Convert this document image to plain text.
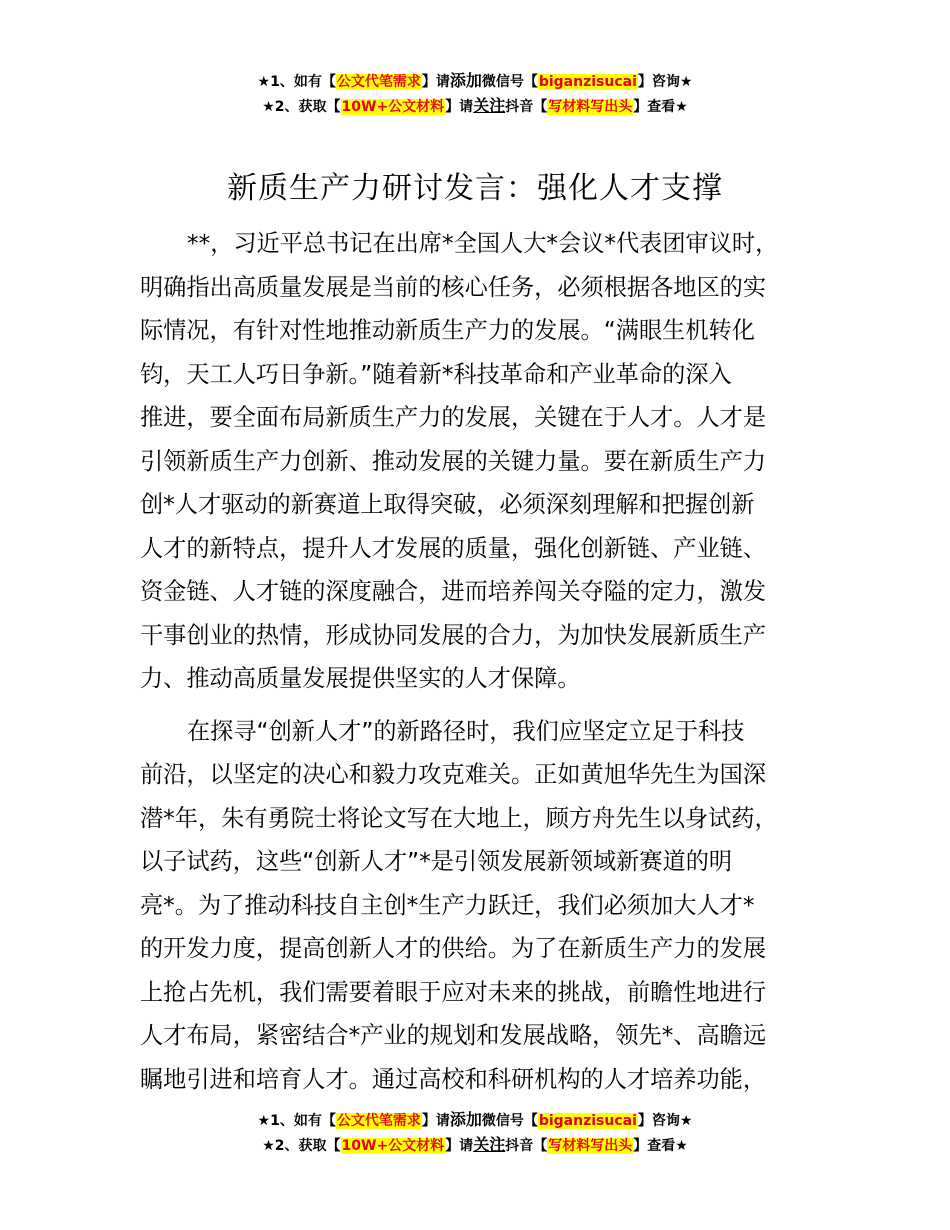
★1、如有【公文代笔需求】请添加微信号【biganzisucai】咨询★
★2、获取【10W+公文材料】请关注抖音【写材料写出头】查看★
新质生产力研讨发言：强化人才支撑
**，习近平总书记在出席*全国人大*会议*代表团审议时，
明确指出高质量发展是当前的核心任务，必须根据各地区的实
际情况，有针对性地推动新质生产力的发展。“满眼生机转化
钧，天工人巧日争新。”随着新*科技革命和产业革命的深入
推进，要全面布局新质生产力的发展，关键在于人才。人才是
引领新质生产力创新、推动发展的关键力量。要在新质生产力
创*人才驱动的新赛道上取得突破，必须深刻理解和把握创新
人才的新特点，提升人才发展的质量，强化创新链、产业链、
资金链、人才链的深度融合，进而培养闯关夺隘的定力，激发
干事创业的热情，形成协同发展的合力，为加快发展新质生产
力、推动高质量发展提供坚实的人才保障。
在探寻“创新人才”的新路径时，我们应坚定立足于科技
前沿，以坚定的决心和毅力攻克难关。正如黄旭华先生为国深
潜*年，朱有勇院士将论文写在大地上，顾方舟先生以身试药，
以子试药，这些“创新人才”*是引领发展新领域新赛道的明
亮*。为了推动科技自主创*生产力跃迁，我们必须加大人才*
的开发力度，提高创新人才的供给。为了在新质生产力的发展
上抢占先机，我们需要着眼于应对未来的挑战，前瞻性地进行
人才布局，紧密结合*产业的规划和发展战略，领先*、高瞻远
瞩地引进和培育人才。通过高校和科研机构的人才培养功能，
★1、如有【公文代笔需求】请添加微信号【biganzisucai】咨询★
★2、获取【10W+公文材料】请关注抖音【写材料写出头】查看★
